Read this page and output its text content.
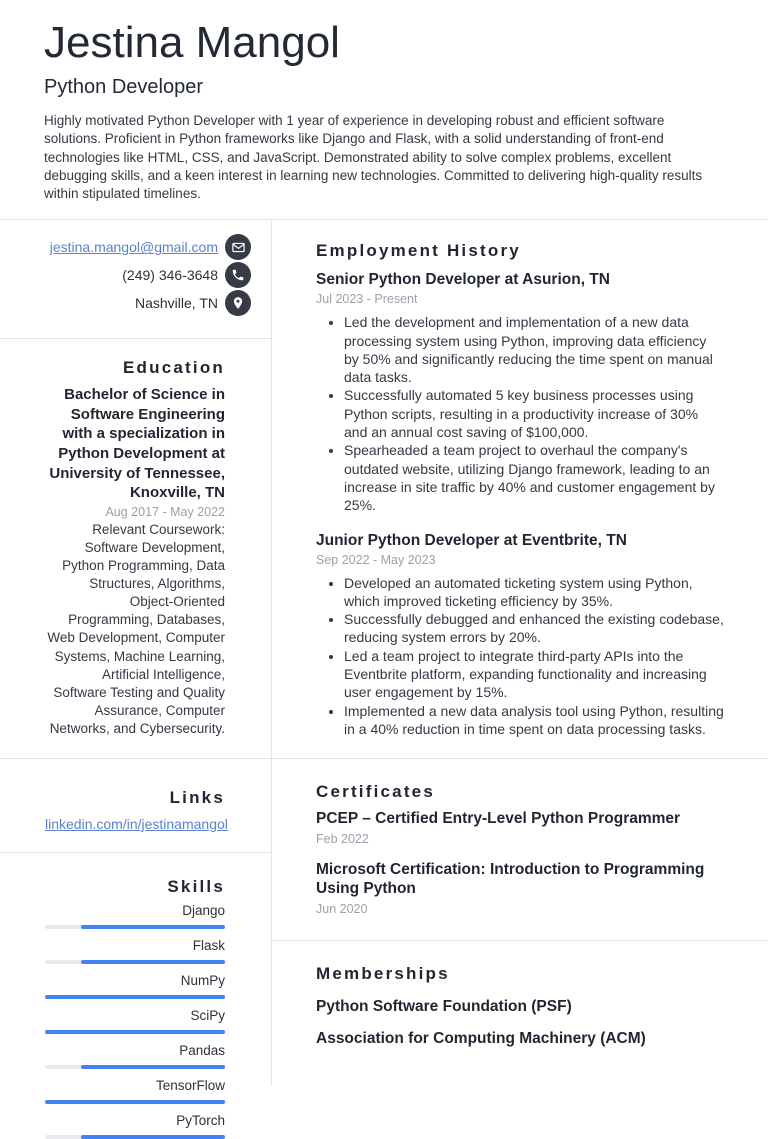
Jestina Mangol
Python Developer

Highly motivated Python Developer with 1 year of experience in developing robust and efficient software solutions. Proficient in Python frameworks like Django and Flask, with a solid understanding of front-end technologies like HTML, CSS, and JavaScript. Demonstrated ability to solve complex problems, excellent debugging skills, and a keen interest in learning new technologies. Committed to delivering high-quality results within stipulated timelines.

jestina.mangol@gmail.com
(249) 346-3648
Nashville, TN
Education
Bachelor of Science in Software Engineering with a specialization in Python Development at University of Tennessee, Knoxville, TN
Aug 2017 - May 2022
Relevant Coursework: Software Development, Python Programming, Data Structures, Algorithms, Object-Oriented Programming, Databases, Web Development, Computer Systems, Machine Learning, Artificial Intelligence, Software Testing and Quality Assurance, Computer Networks, and Cybersecurity.
Links
linkedin.com/in/jestinamangol
Skills
Django
Flask
NumPy
SciPy
Pandas
TensorFlow
PyTorch
Employment History
Senior Python Developer at Asurion, TN
Jul 2023 - Present
• Led the development and implementation of a new data processing system using Python, improving data efficiency by 50% and significantly reducing the time spent on manual data tasks.
• Successfully automated 5 key business processes using Python scripts, resulting in a productivity increase of 30% and an annual cost saving of $100,000.
• Spearheaded a team project to overhaul the company's outdated website, utilizing Django framework, leading to an increase in site traffic by 40% and customer engagement by 25%.
Junior Python Developer at Eventbrite, TN
Sep 2022 - May 2023
• Developed an automated ticketing system using Python, which improved ticketing efficiency by 35%.
• Successfully debugged and enhanced the existing codebase, reducing system errors by 20%.
• Led a team project to integrate third-party APIs into the Eventbrite platform, expanding functionality and increasing user engagement by 15%.
• Implemented a new data analysis tool using Python, resulting in a 40% reduction in time spent on data processing tasks.
Certificates
PCEP – Certified Entry-Level Python Programmer
Feb 2022
Microsoft Certification: Introduction to Programming Using Python
Jun 2020
Memberships
Python Software Foundation (PSF)
Association for Computing Machinery (ACM)
